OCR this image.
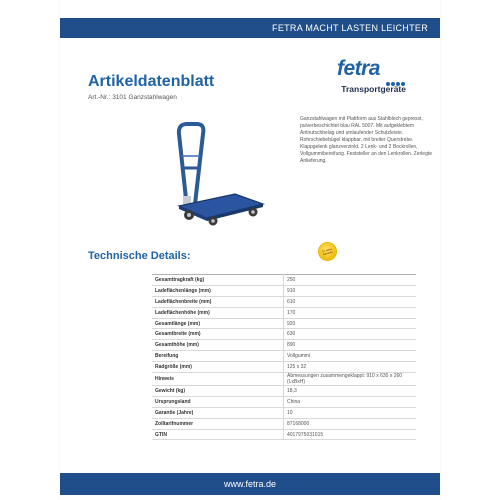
FETRA MACHT LASTEN LEICHTER
Artikeldatenblatt
Art.-Nr.: 3101 Ganzstahlwagen
fetra
Transportgeräte
Ganzstahlwagen mit Plattform aus Stahlblech gepresst, pulverbeschichtet blau RAL 5007. Mit aufgeklebtem Antirutschbelag und umlaufender Schutzleiste. Rohrschiebebügel klappbar, mit breiter Querstrebe. Klappgelenk glanzverzinkt. 2 Lenk- und 2 Bockrollen, Vollgummibereifung. Feststeller an den Lenkrollen. Zerlegte Anlieferung.
Technische Details:	10 Jahre Garantie
Gesamttragkraft (kg)	250
Ladeflächenlänge (mm)	910
Ladeflächenbreite (mm)	610
Ladeflächenhöhe (mm)	170
Gesamtlänge (mm)	920
Gesamtbreite (mm)	630
Gesamthöhe (mm)	890
Bereifung	Vollgummi
Radgröße (mm)	125 x 32
Hinweis	Abmessungen zusammengeklappt: 910 x 630 x 260 (LxBxH)
Gewicht (kg)	18,3
Ursprungsland	China
Garantie (Jahre)	10
Zolltarifnummer	87168000
GTIN	4017975031015
www.fetra.de
